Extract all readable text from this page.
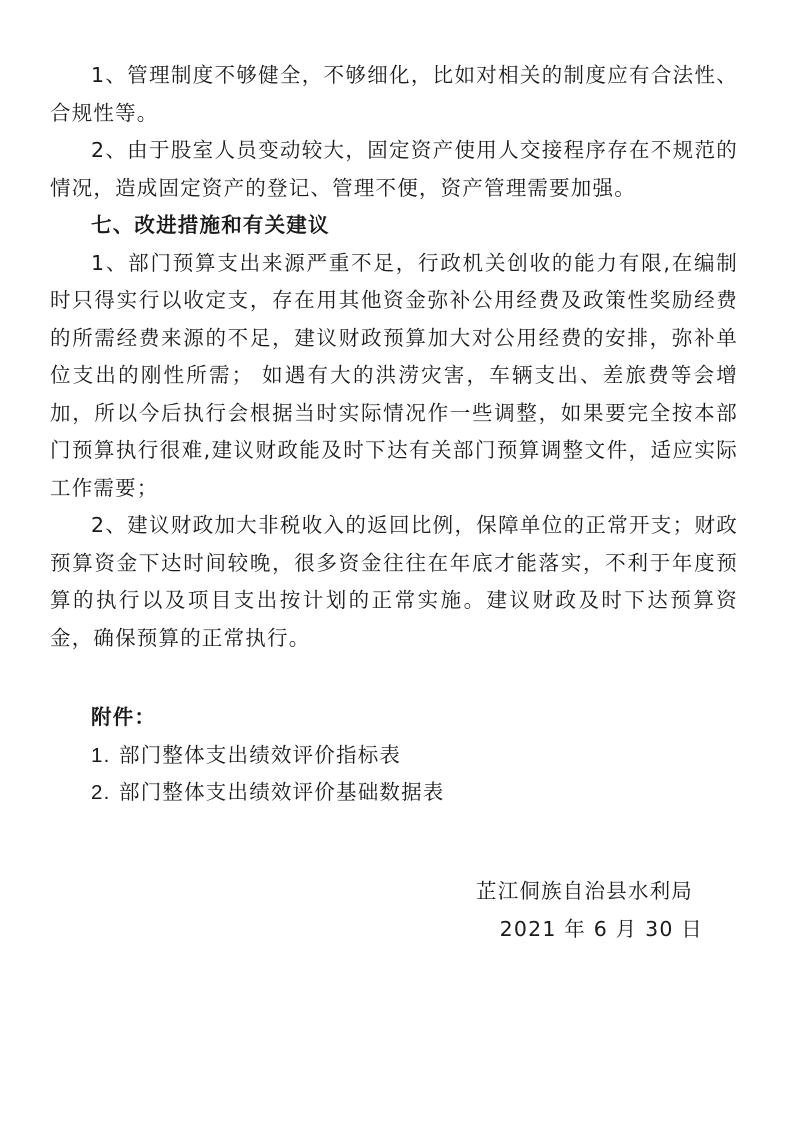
1、管理制度不够健全，不够细化，比如对相关的制度应有合法性、合规性等。

2、由于股室人员变动较大，固定资产使用人交接程序存在不规范的情况，造成固定资产的登记、管理不便，资产管理需要加强。

七、改进措施和有关建议

1、部门预算支出来源严重不足，行政机关创收的能力有限,在编制时只得实行以收定支，存在用其他资金弥补公用经费及政策性奖励经费的所需经费来源的不足，建议财政预算加大对公用经费的安排，弥补单位支出的刚性所需； 如遇有大的洪涝灾害，车辆支出、差旅费等会增加，所以今后执行会根据当时实际情况作一些调整，如果要完全按本部门预算执行很难,建议财政能及时下达有关部门预算调整文件，适应实际工作需要；

2、建议财政加大非税收入的返回比例，保障单位的正常开支；财政预算资金下达时间较晚，很多资金往往在年底才能落实，不利于年度预算的执行以及项目支出按计划的正常实施。建议财政及时下达预算资金，确保预算的正常执行。

附件：

1. 部门整体支出绩效评价指标表

2. 部门整体支出绩效评价基础数据表

芷江侗族自治县水利局
2021 年 6 月 30 日
